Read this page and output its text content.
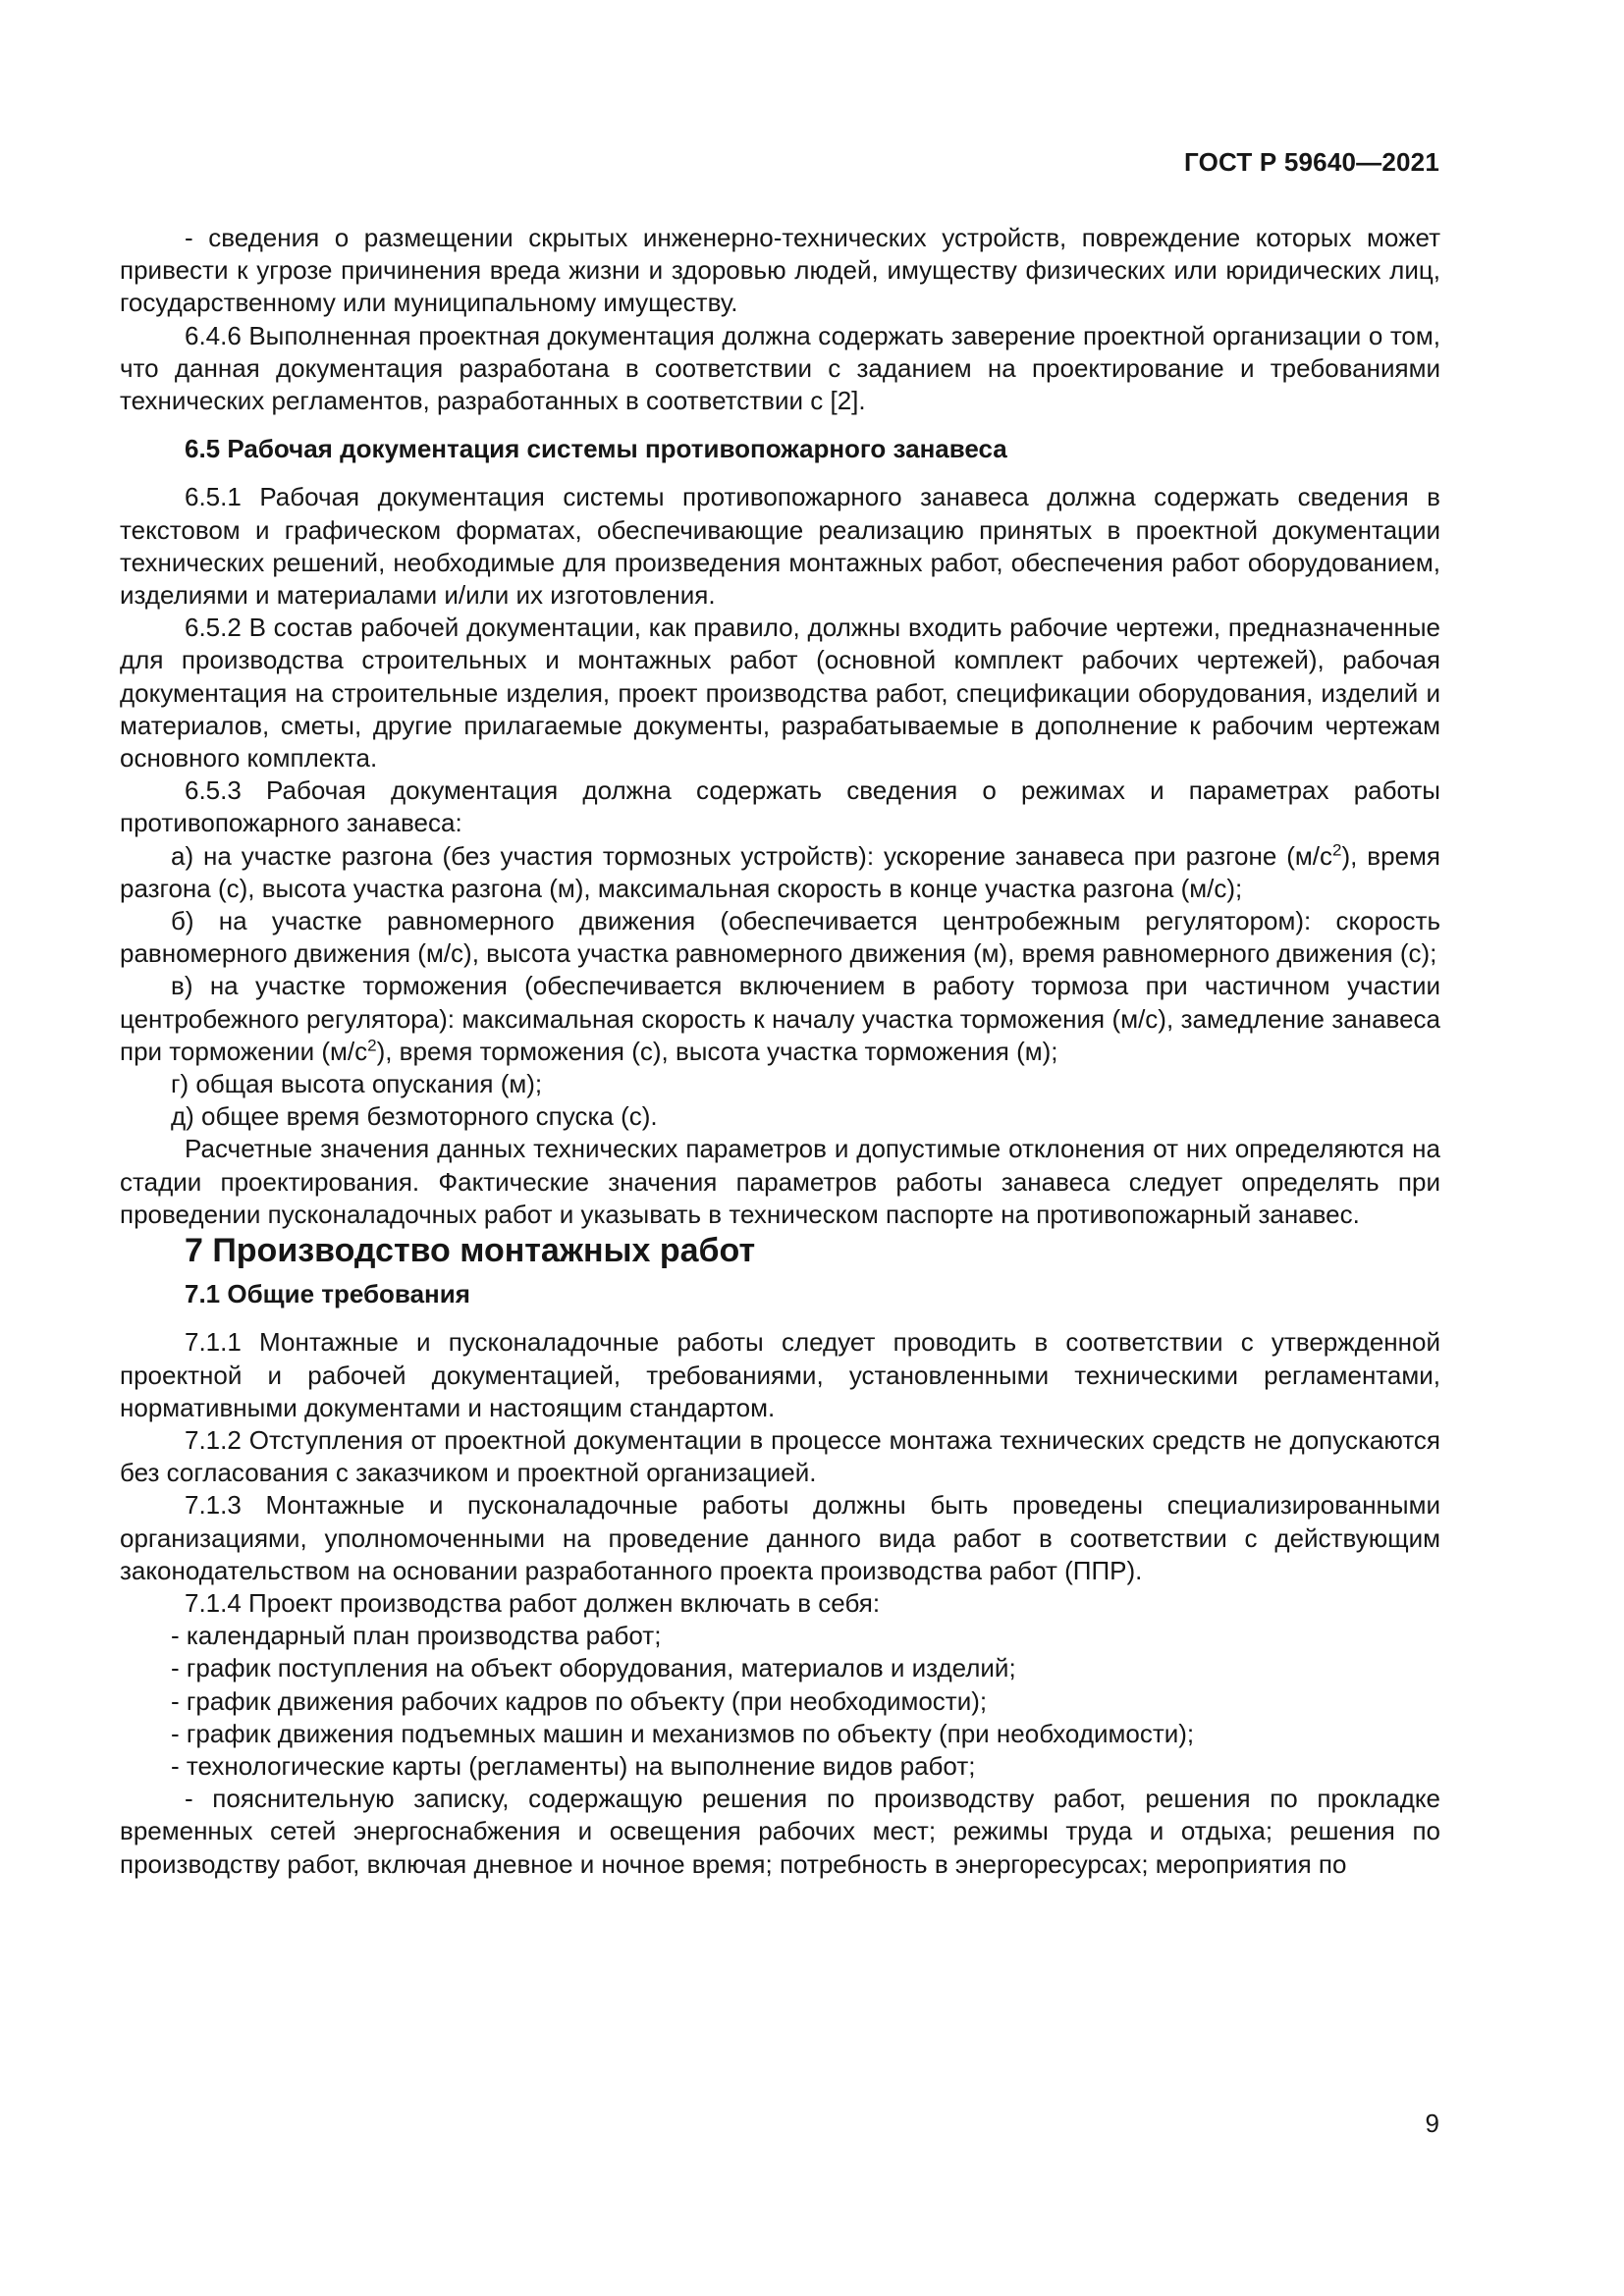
ГОСТ Р 59640—2021

- сведения о размещении скрытых инженерно-технических устройств, повреждение которых может привести к угрозе причинения вреда жизни и здоровью людей, имуществу физических или юридических лиц, государственному или муниципальному имуществу.

6.4.6 Выполненная проектная документация должна содержать заверение проектной организации о том, что данная документация разработана в соответствии с заданием на проектирование и требованиями технических регламентов, разработанных в соответствии с [2].

6.5 Рабочая документация системы противопожарного занавеса

6.5.1 Рабочая документация системы противопожарного занавеса должна содержать сведения в текстовом и графическом форматах, обеспечивающие реализацию принятых в проектной документации технических решений, необходимые для произведения монтажных работ, обеспечения работ оборудованием, изделиями и материалами и/или их изготовления.

6.5.2 В состав рабочей документации, как правило, должны входить рабочие чертежи, предназначенные для производства строительных и монтажных работ (основной комплект рабочих чертежей), рабочая документация на строительные изделия, проект производства работ, спецификации оборудования, изделий и материалов, сметы, другие прилагаемые документы, разрабатываемые в дополнение к рабочим чертежам основного комплекта.

6.5.3 Рабочая документация должна содержать сведения о режимах и параметрах работы противопожарного занавеса:

а) на участке разгона (без участия тормозных устройств): ускорение занавеса при разгоне $(м/с^2)$, время разгона (с), высота участка разгона (м), максимальная скорость в конце участка разгона (м/с);

б) на участке равномерного движения (обеспечивается центробежным регулятором): скорость равномерного движения (м/с), высота участка равномерного движения (м), время равномерного движения (с);

в) на участке торможения (обеспечивается включением в работу тормоза при частичном участии центробежного регулятора): максимальная скорость к началу участка торможения (м/с), замедление занавеса при торможении $(м/с^2)$, время торможения (с), высота участка торможения (м);

г) общая высота опускания (м);

д) общее время безмоторного спуска (с).

Расчетные значения данных технических параметров и допустимые отклонения от них определяются на стадии проектирования. Фактические значения параметров работы занавеса следует определять при проведении пусконаладочных работ и указывать в техническом паспорте на противопожарный занавес.

7 Производство монтажных работ

7.1 Общие требования

7.1.1 Монтажные и пусконаладочные работы следует проводить в соответствии с утвержденной проектной и рабочей документацией, требованиями, установленными техническими регламентами, нормативными документами и настоящим стандартом.

7.1.2 Отступления от проектной документации в процессе монтажа технических средств не допускаются без согласования с заказчиком и проектной организацией.

7.1.3 Монтажные и пусконаладочные работы должны быть проведены специализированными организациями, уполномоченными на проведение данного вида работ в соответствии с действующим законодательством на основании разработанного проекта производства работ (ППР).

7.1.4 Проект производства работ должен включать в себя:

- календарный план производства работ;

- график поступления на объект оборудования, материалов и изделий;

- график движения рабочих кадров по объекту (при необходимости);

- график движения подъемных машин и механизмов по объекту (при необходимости);

- технологические карты (регламенты) на выполнение видов работ;

- пояснительную записку, содержащую решения по производству работ, решения по прокладке временных сетей энергоснабжения и освещения рабочих мест; режимы труда и отдыха; решения по производству работ, включая дневное и ночное время; потребность в энергоресурсах; мероприятия по

9
